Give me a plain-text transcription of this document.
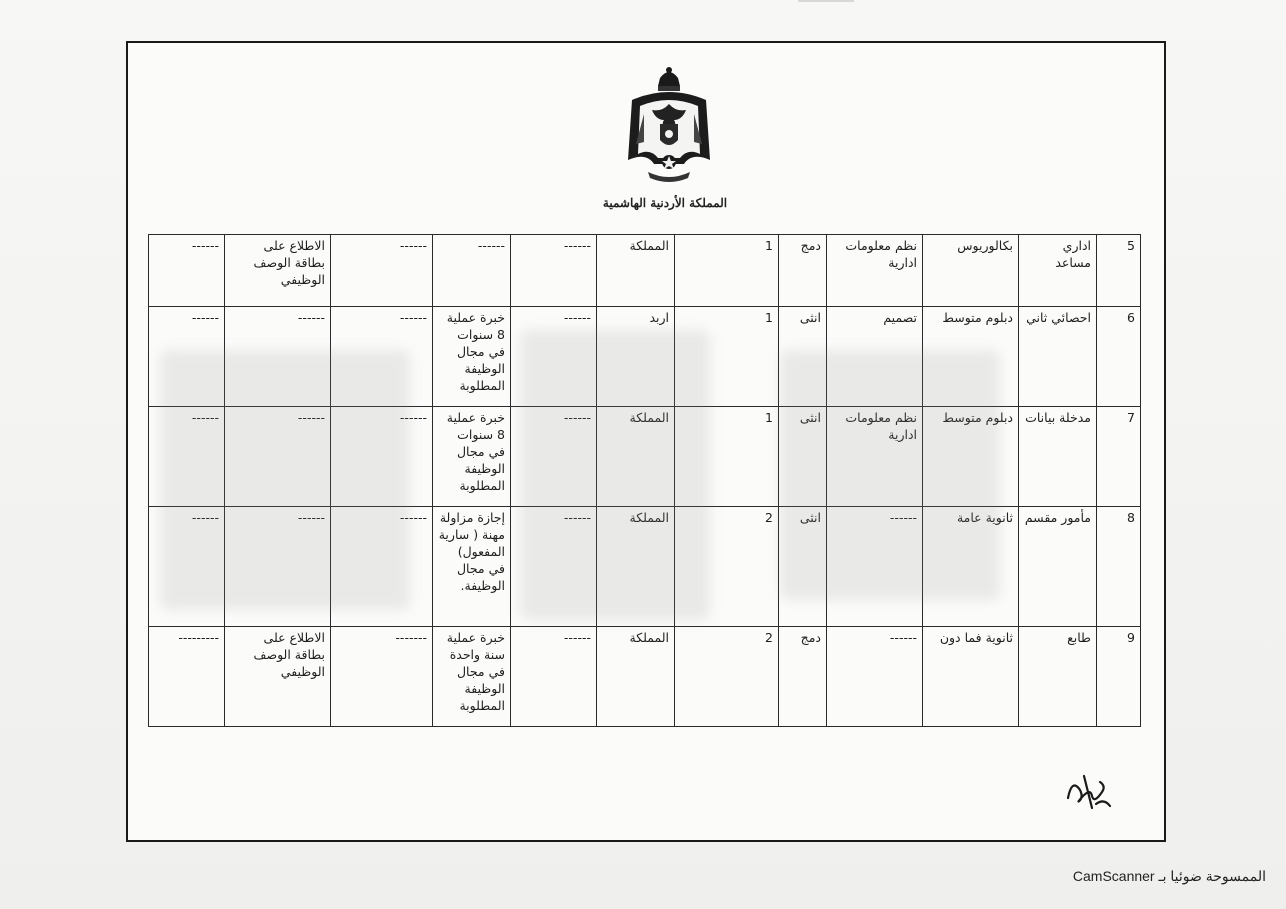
المملكة الأردنية الهاشمية
5	اداري مساعد	بكالوريوس	نظم معلومات ادارية	دمج	1	المملكة	------	------	------	الاطلاع على بطاقة الوصف الوظيفي	------
6	احصائي ثاني	دبلوم متوسط	تصميم	انثى	1	اربد	------	خبرة عملية 8 سنوات في مجال الوظيفة المطلوبة	------	------	------
7	مدخلة بيانات	دبلوم متوسط	نظم معلومات ادارية	انثى	1	المملكة	------	خبرة عملية 8 سنوات في مجال الوظيفة المطلوبة	------	------	------
8	مأمور مقسم	ثانوية عامة	------	انثى	2	المملكة	------	إجازة مزاولة مهنة ( سارية المفعول) في مجال الوظيفة.	------	------	------
9	طابع	ثانوية فما دون	------	دمج	2	المملكة	------	خبرة عملية سنة واحدة في مجال الوظيفة المطلوبة	-------	الاطلاع على بطاقة الوصف الوظيفي	---------
الممسوحة ضوئيا بـ CamScanner
